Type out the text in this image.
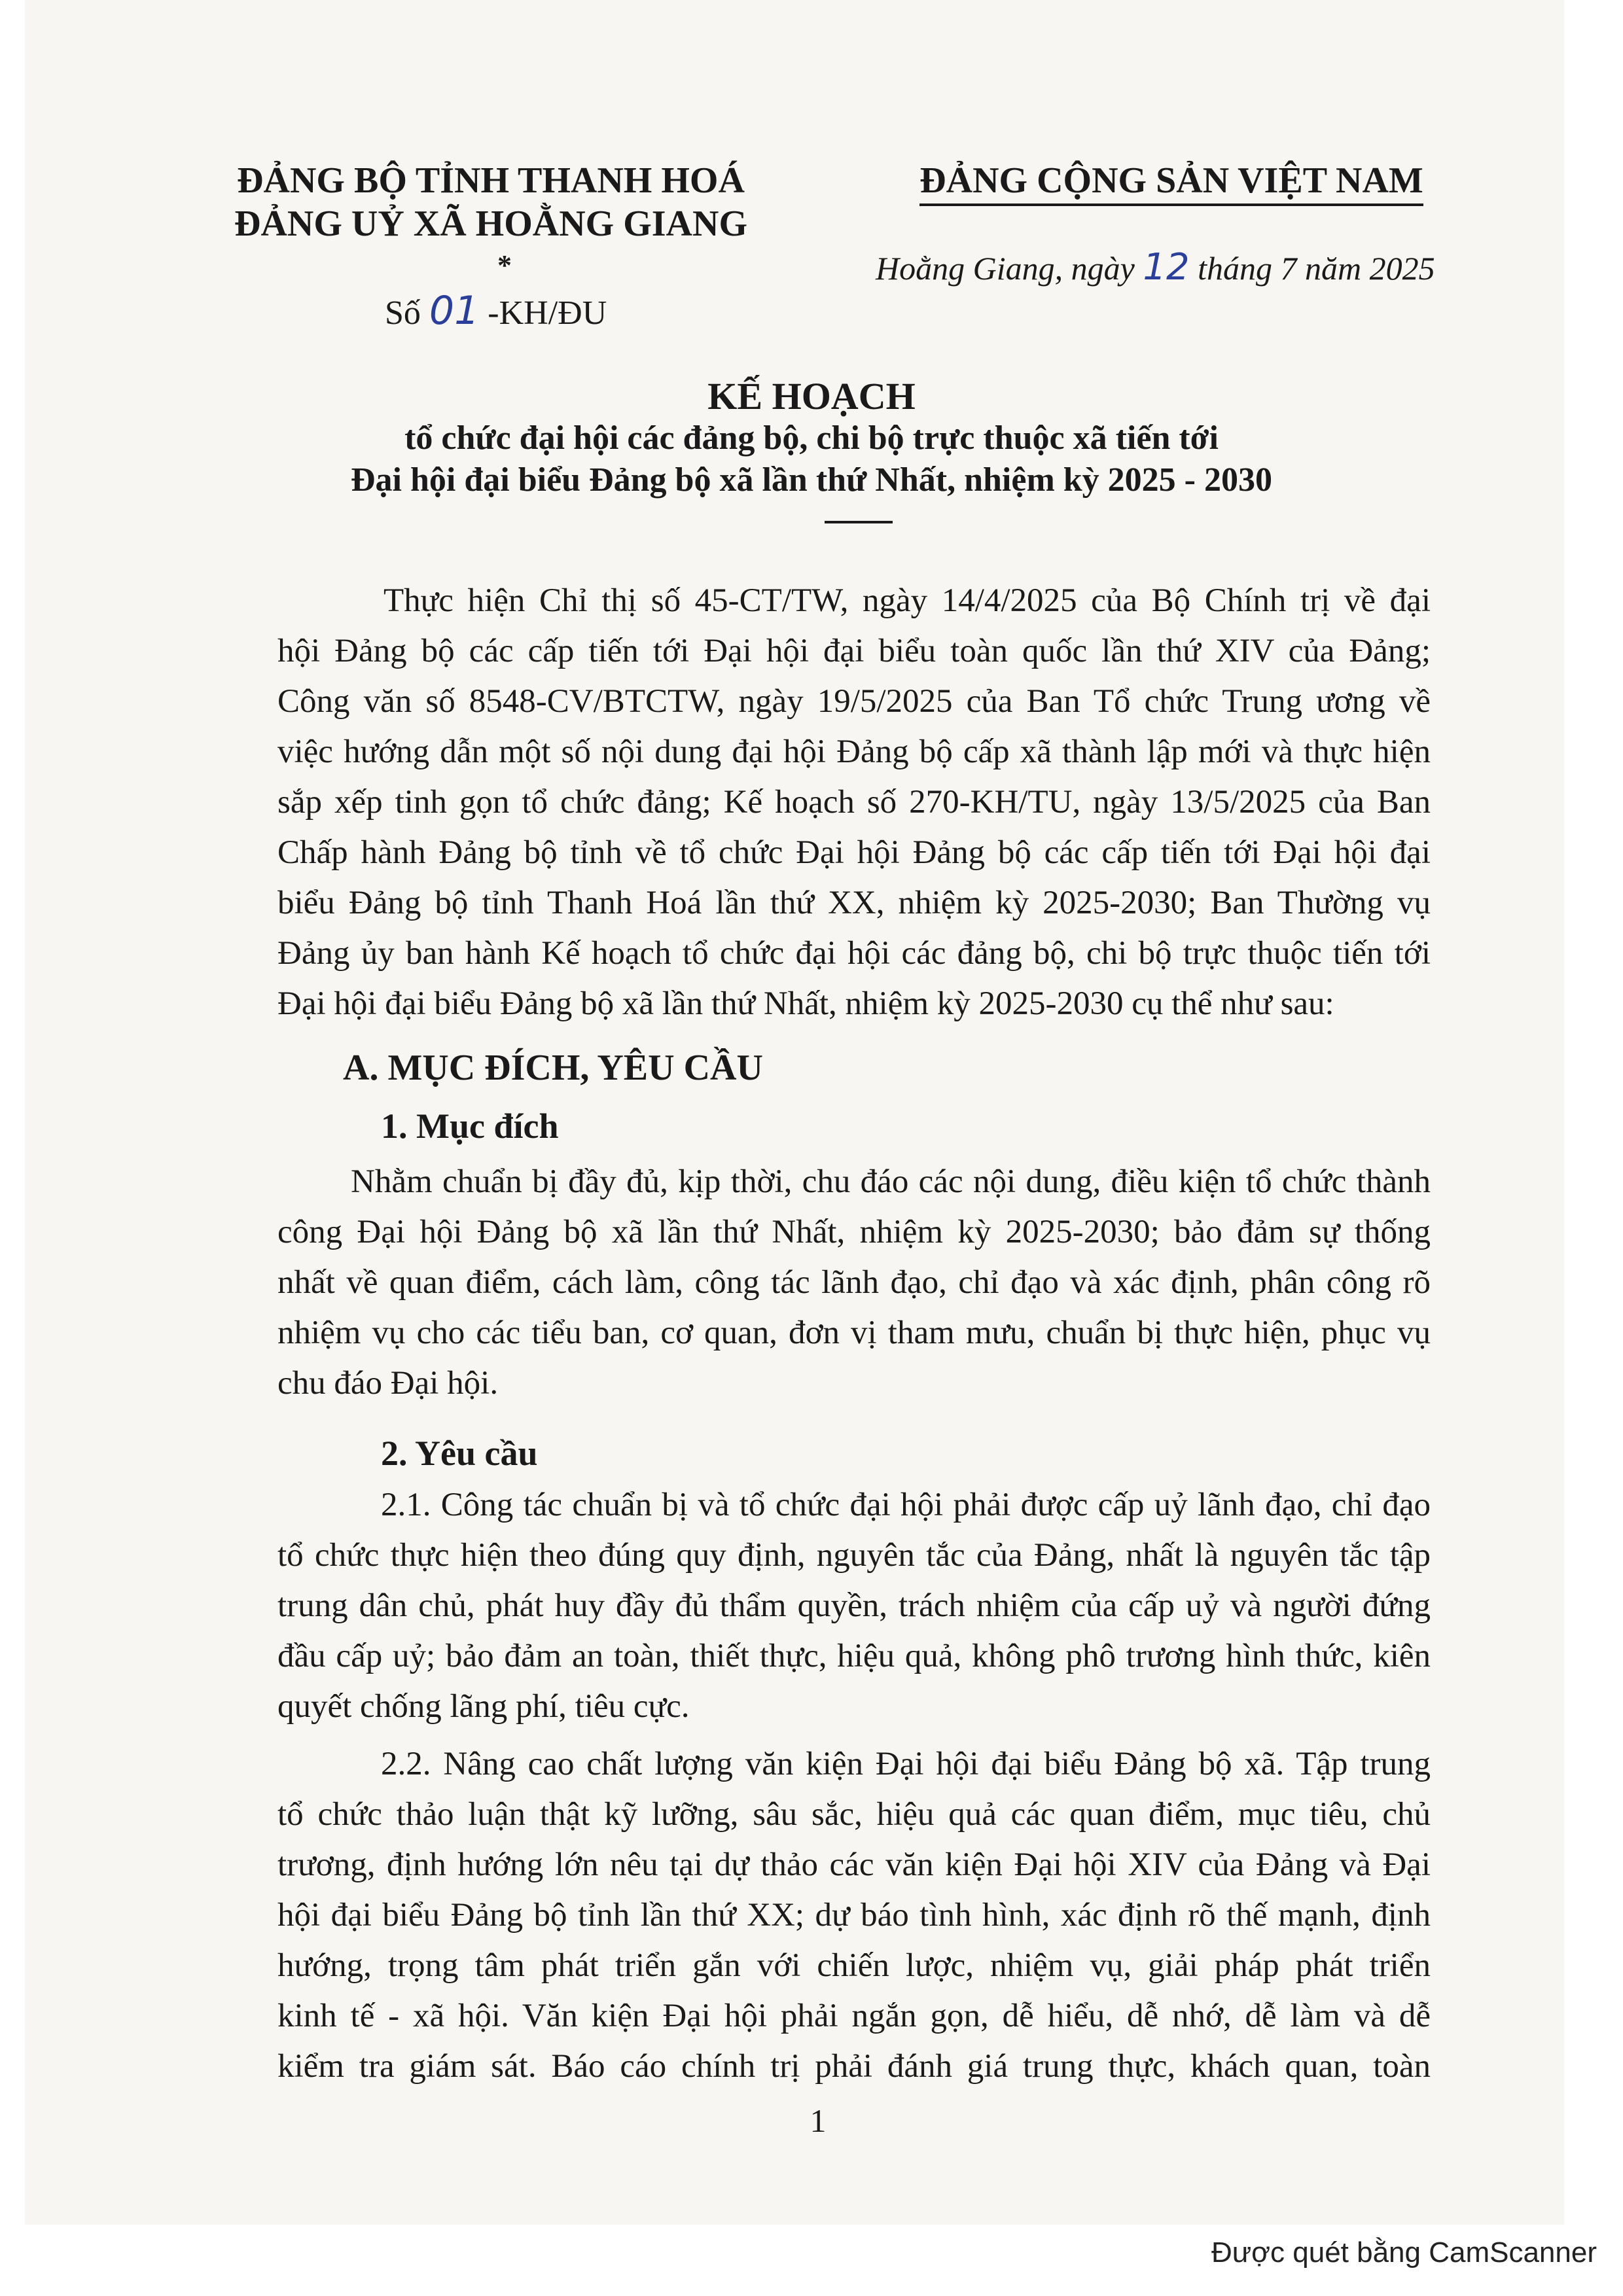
ĐẢNG BỘ TỈNH THANH HOÁ
ĐẢNG UỶ XÃ HOẰNG GIANG
*
Số 01 -KH/ĐU
ĐẢNG CỘNG SẢN VIỆT NAM
Hoằng Giang, ngày 12 tháng 7 năm 2025
KẾ HOẠCH
tổ chức đại hội các đảng bộ, chi bộ trực thuộc xã tiến tới
Đại hội đại biểu Đảng bộ xã lần thứ Nhất, nhiệm kỳ 2025 - 2030
Thực hiện Chỉ thị số 45-CT/TW, ngày 14/4/2025 của Bộ Chính trị về đại
hội Đảng bộ các cấp tiến tới Đại hội đại biểu toàn quốc lần thứ XIV của Đảng;
Công văn số 8548-CV/BTCTW, ngày 19/5/2025 của Ban Tổ chức Trung ương về
việc hướng dẫn một số nội dung đại hội Đảng bộ cấp xã thành lập mới và thực hiện
sắp xếp tinh gọn tổ chức đảng; Kế hoạch số 270-KH/TU, ngày 13/5/2025 của Ban
Chấp hành Đảng bộ tỉnh về tổ chức Đại hội Đảng bộ các cấp tiến tới Đại hội đại
biểu Đảng bộ tỉnh Thanh Hoá lần thứ XX, nhiệm kỳ 2025-2030; Ban Thường vụ
Đảng ủy ban hành Kế hoạch tổ chức đại hội các đảng bộ, chi bộ trực thuộc tiến tới
Đại hội đại biểu Đảng bộ xã lần thứ Nhất, nhiệm kỳ 2025-2030 cụ thể như sau:
A. MỤC ĐÍCH, YÊU CẦU
1. Mục đích
Nhằm chuẩn bị đầy đủ, kịp thời, chu đáo các nội dung, điều kiện tổ chức thành
công Đại hội Đảng bộ xã lần thứ Nhất, nhiệm kỳ 2025-2030; bảo đảm sự thống
nhất về quan điểm, cách làm, công tác lãnh đạo, chỉ đạo và xác định, phân công rõ
nhiệm vụ cho các tiểu ban, cơ quan, đơn vị tham mưu, chuẩn bị thực hiện, phục vụ
chu đáo Đại hội.
2. Yêu cầu
2.1. Công tác chuẩn bị và tổ chức đại hội phải được cấp uỷ lãnh đạo, chỉ đạo
tổ chức thực hiện theo đúng quy định, nguyên tắc của Đảng, nhất là nguyên tắc tập
trung dân chủ, phát huy đầy đủ thẩm quyền, trách nhiệm của cấp uỷ và người đứng
đầu cấp uỷ; bảo đảm an toàn, thiết thực, hiệu quả, không phô trương hình thức, kiên
quyết chống lãng phí, tiêu cực.
2.2. Nâng cao chất lượng văn kiện Đại hội đại biểu Đảng bộ xã. Tập trung
tổ chức thảo luận thật kỹ lưỡng, sâu sắc, hiệu quả các quan điểm, mục tiêu, chủ
trương, định hướng lớn nêu tại dự thảo các văn kiện Đại hội XIV của Đảng và Đại
hội đại biểu Đảng bộ tỉnh lần thứ XX; dự báo tình hình, xác định rõ thế mạnh, định
hướng, trọng tâm phát triển gắn với chiến lược, nhiệm vụ, giải pháp phát triển
kinh tế - xã hội. Văn kiện Đại hội phải ngắn gọn, dễ hiểu, dễ nhớ, dễ làm và dễ
kiểm tra giám sát. Báo cáo chính trị phải đánh giá trung thực, khách quan, toàn
1
Được quét bằng CamScanner
